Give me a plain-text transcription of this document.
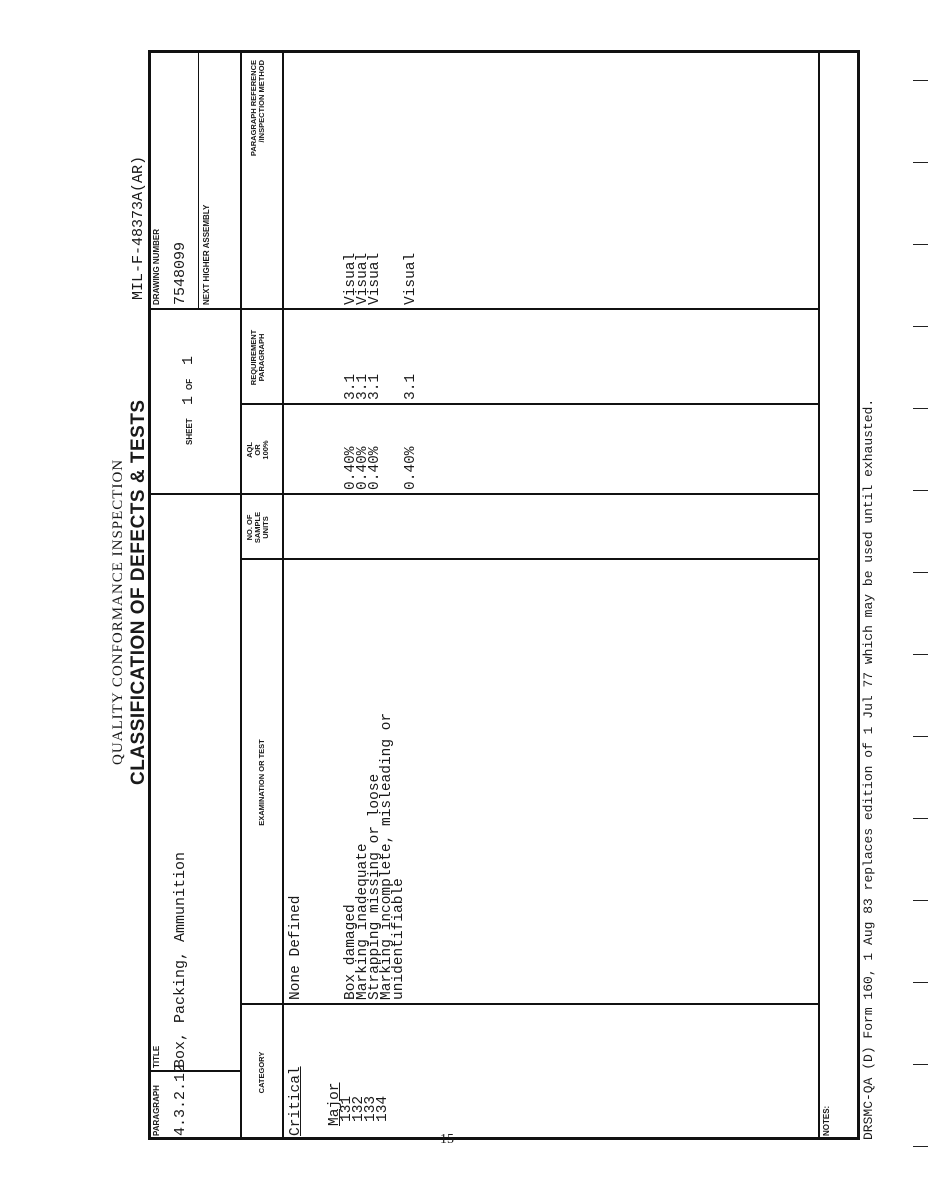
QUALITY CONFORMANCE INSPECTION CLASSIFICATION OF DEFECTS & TESTS
MIL-F-48373A(AR)
PARAGRAPH 4.3.2.12
TITLE Box, Packing, Ammunition
SHEET
1
OF
1
DRAWING NUMBER 7548099 NEXT HIGHER ASSEMBLY
CATEGORY
EXAMINATION OR TEST
NO. OF SAMPLE UNITS
AQL OR 100%
REQUIREMENT PARAGRAPH
PARAGRAPH REFERENCE /INSPECTION METHOD
Critical
None Defined
Major
131
Box damaged
0.40%
3.1
Visual
132
Marking inadequate
0.40%
3.1
Visual
133
Strapping missing or loose
0.40%
3.1
Visual
134
Marking incomplete, misleading or
unidentifiable
0.40%
3.1
Visual
NOTES: DRSMC-QA (D) Form 160, 1 Aug 83 replaces edition of 1 Jul 77 which may be used until exhausted.
15
